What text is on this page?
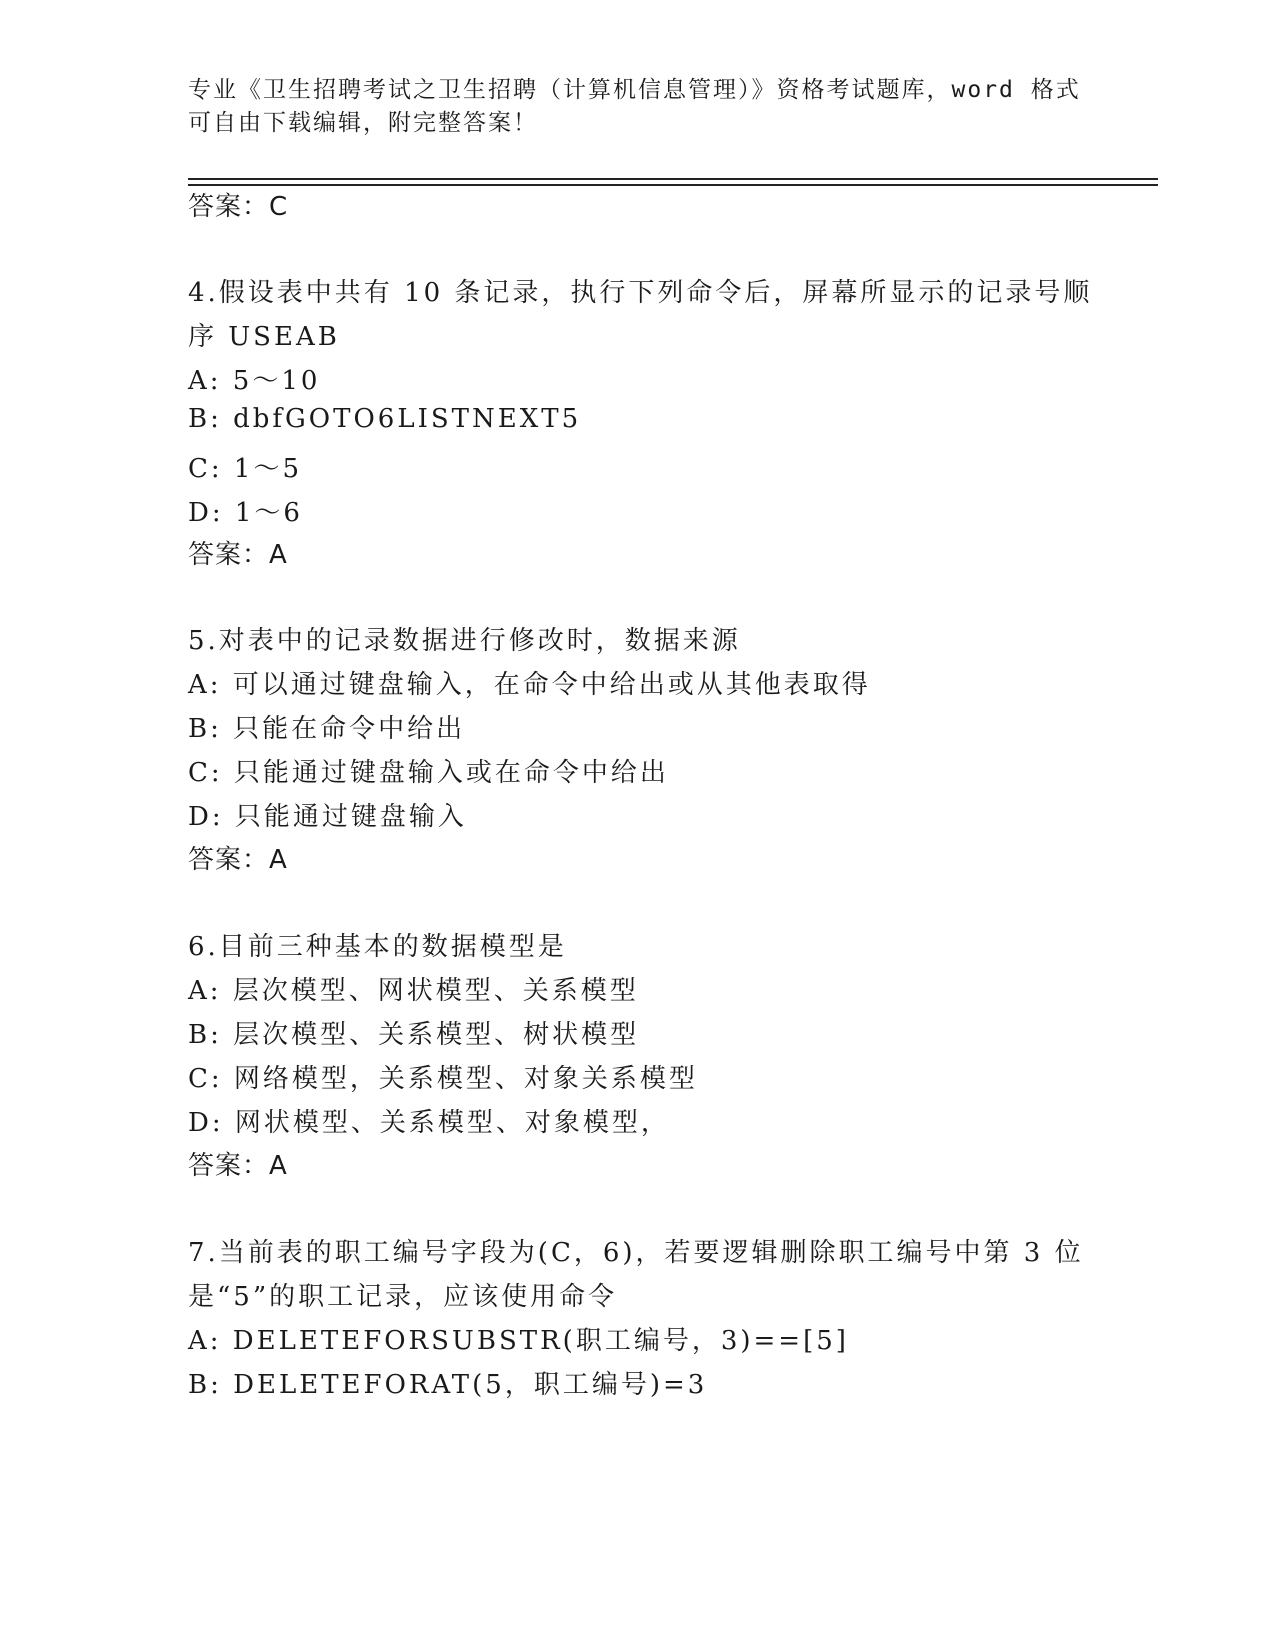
专业《卫生招聘考试之卫生招聘（计算机信息管理）》资格考试题库，word 格式
可自由下载编辑，附完整答案！
答案：C
4.假设表中共有 10 条记录，执行下列命令后，屏幕所显示的记录号顺
序 USEAB
A: 5～10
B: dbfGOTO6LISTNEXT5
C: 1～5
D: 1～6
答案：A
5.对表中的记录数据进行修改时，数据来源
A: 可以通过键盘输入，在命令中给出或从其他表取得
B: 只能在命令中给出
C: 只能通过键盘输入或在命令中给出
D: 只能通过键盘输入
答案：A
6.目前三种基本的数据模型是
A: 层次模型、网状模型、关系模型
B: 层次模型、关系模型、树状模型
C: 网络模型，关系模型、对象关系模型
D: 网状模型、关系模型、对象模型，
答案：A
7.当前表的职工编号字段为(C，6)，若要逻辑删除职工编号中第 3 位
是“5”的职工记录，应该使用命令
A: DELETEFORSUBSTR(职工编号，3)==[5]
B: DELETEFORAT(5，职工编号)=3
